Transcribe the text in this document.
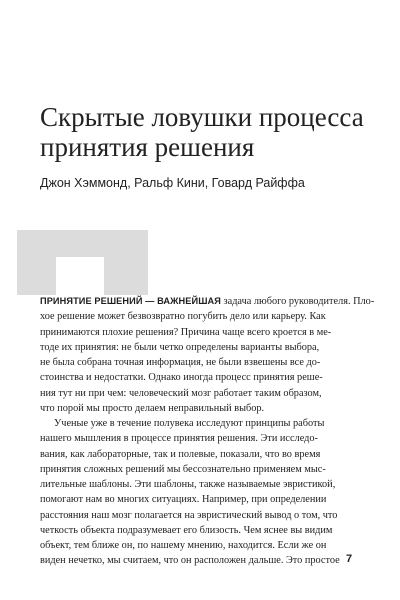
Скрытые ловушки процесса
принятия решения
Джон Хэммонд, Ральф Кини, Говард Райффа
ПРИНЯТИЕ РЕШЕНИЙ — ВАЖНЕЙШАЯ задача любого руководителя. Пло-
хое решение может безвозвратно погубить дело или карьеру. Как
принимаются плохие решения? Причина чаще всего кроется в ме-
тоде их принятия: не были четко определены варианты выбора,
не была собрана точная информация, не были взвешены все до-
стоинства и недостатки. Однако иногда процесс принятия реше-
ния тут ни при чем: человеческий мозг работает таким образом,
что порой мы просто делаем неправильный выбор.
Ученые уже в течение полувека исследуют принципы работы
нашего мышления в процессе принятия решения. Эти исследо-
вания, как лабораторные, так и полевые, показали, что во время
принятия сложных решений мы бессознательно применяем мыс-
лительные шаблоны. Эти шаблоны, также называемые эвристикой,
помогают нам во многих ситуациях. Например, при определении
расстояния наш мозг полагается на эвристический вывод о том, что
четкость объекта подразумевает его близость. Чем яснее вы видим
объект, тем ближе он, по нашему мнению, находится. Если же он
виден нечетко, мы считаем, что он расположен дальше. Это простое 7
